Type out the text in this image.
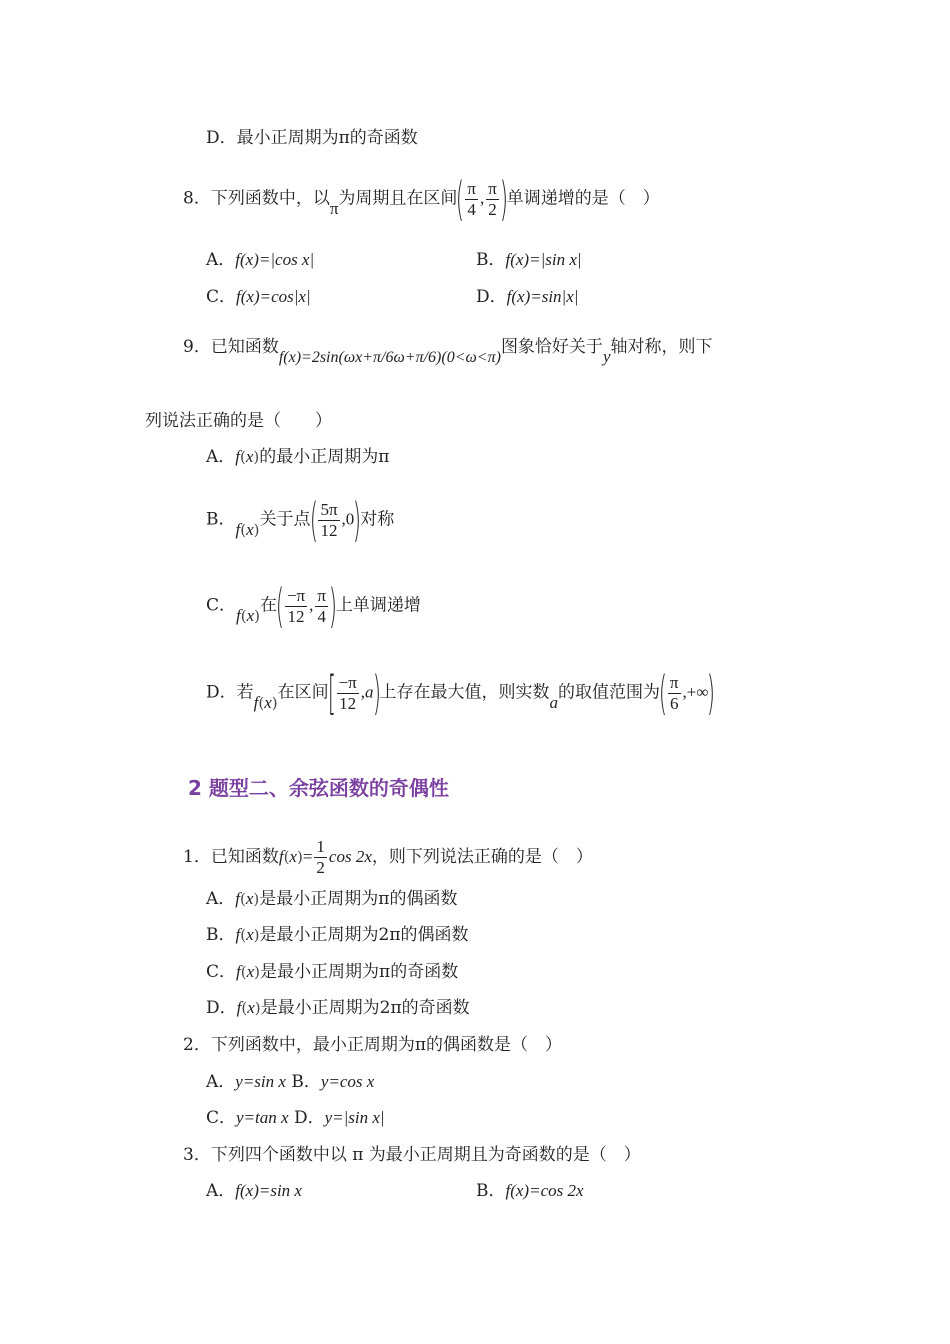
D．最小正周期为π的奇函数
8．下列函数中，以π为周期且在区间( $\frac{\pi}{4}$ , $\frac{\pi}{2}$ )单调递增的是（　）
A．f(x)=|cos x|	B．f(x)=|sin x|
C．f(x)=cos|x|	D．f(x)=sin|x|
9．已知函数f(x)=2sin(ωx+π/6ω+π/6)(0<ω<π)图象恰好关于y轴对称，则下
列说法正确的是（　　）
A．f(x)的最小正周期为π
B．f(x)关于点( $\frac{5\pi}{12} ,0$)对称
C．f(x)在( $\frac{-\pi}{12}$ , $\frac{\pi}{4}$ )上单调递增
D．若f(x)在区间[ $\frac{-\pi}{12} ,a$)上存在最大值，则实数a的取值范围为( $\frac{\pi}{6}$ ,+∞)
2 题型二、余弦函数的奇偶性
1．已知函数$f(x)= \frac{1}{2}$ cos 2x，则下列说法正确的是（　）
A．f(x)是最小正周期为π的偶函数
B．f(x)是最小正周期为2π的偶函数
C．f(x)是最小正周期为π的奇函数
D．f(x)是最小正周期为2π的奇函数
2．下列函数中，最小正周期为π的偶函数是（　）
A．y=sin x B．y=cos x
C．y=tan x D．y=|sin x|
3．下列四个函数中以 π 为最小正周期且为奇函数的是（　）
A．f(x)=sin x	B．f(x)=cos 2x
